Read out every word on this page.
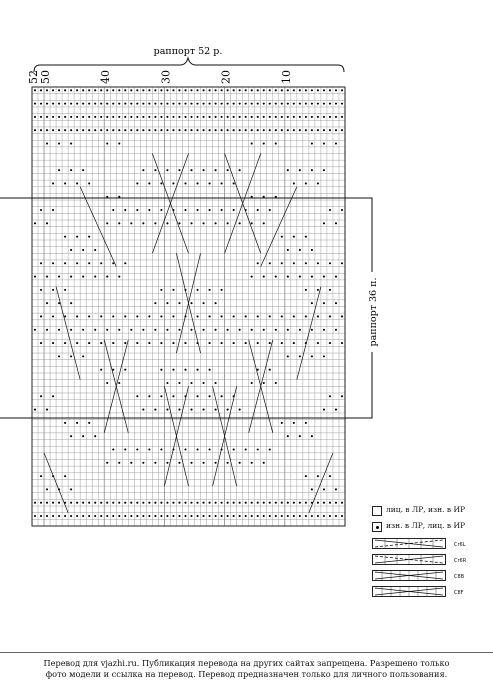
52 50	40	30	20	10
раппорт 52 р.
раппорт 36 п.
лиц. в ЛР, изн. в ИР
изн. в ЛР, лиц. в ИР
Cr6L
Cr6R
C8B
C8F
Перевод для vjazhi.ru. Публикация перевода на других сайтах запрещена. Разрешено только
фото модели и ссылка на перевод. Перевод предназначен только для личного пользования.
